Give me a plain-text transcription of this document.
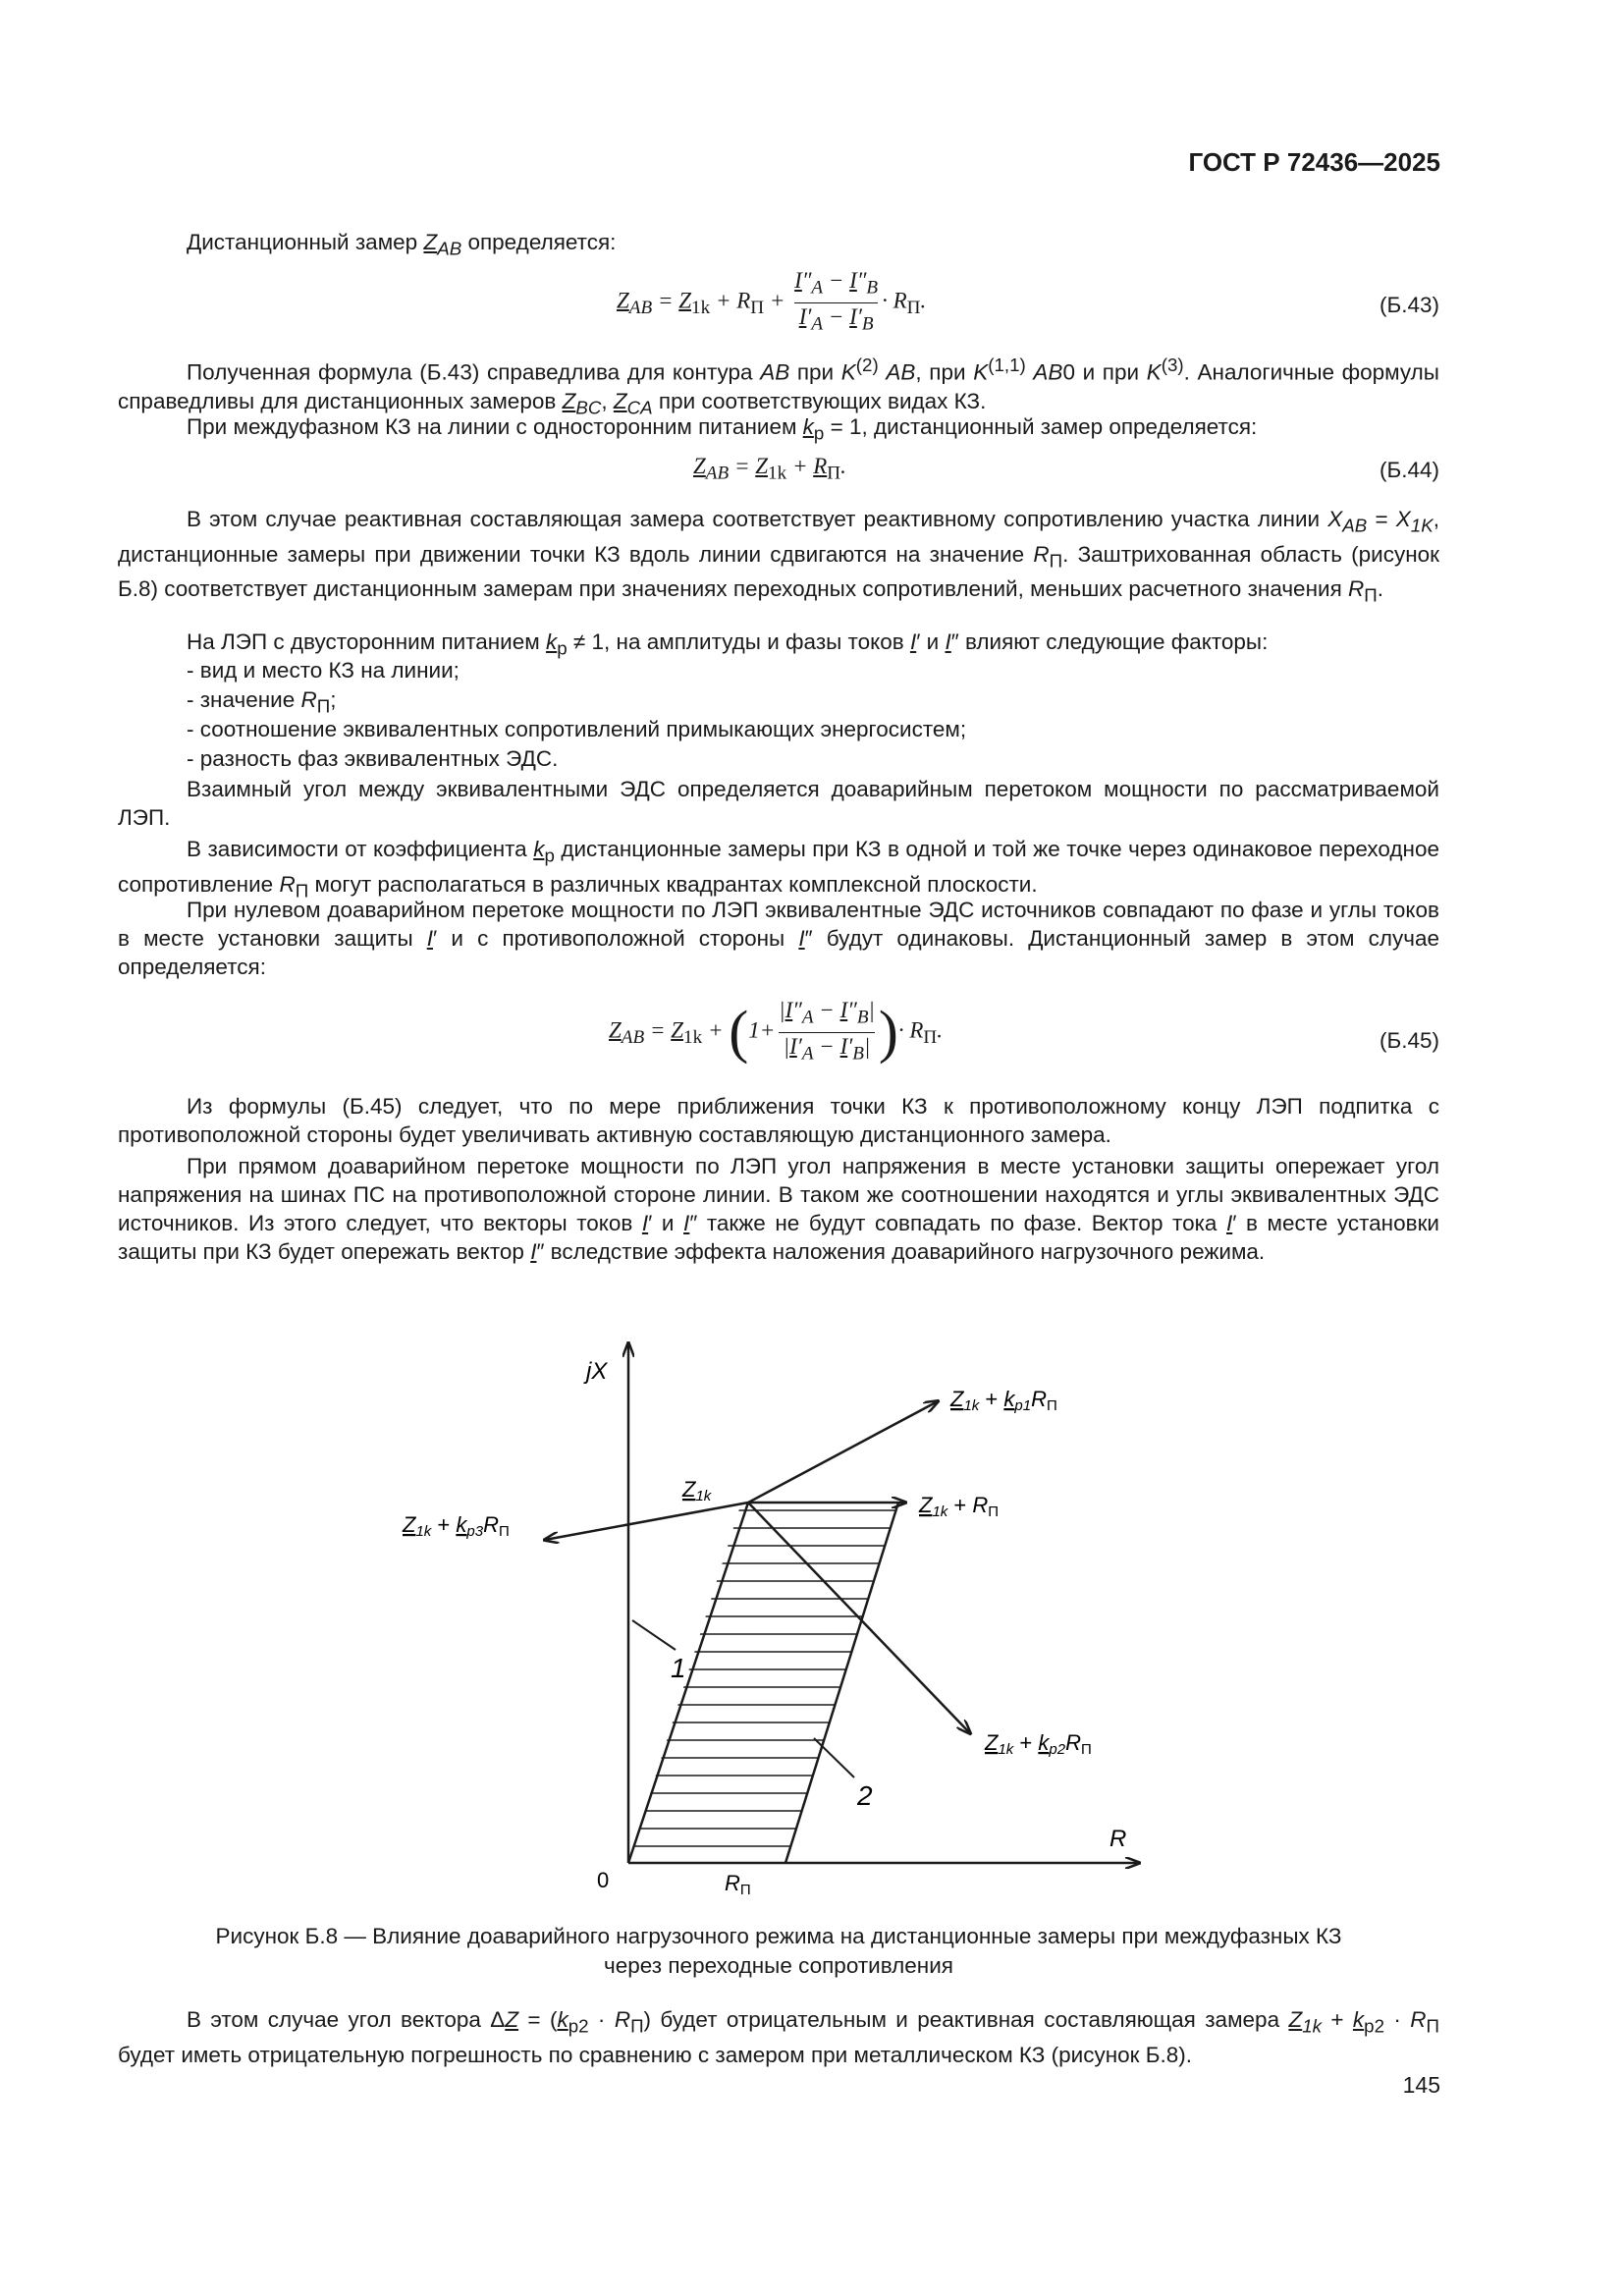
ГОСТ Р 72436—2025

Дистанционный замер $Z_{AB}$ определяется:

$Z_{AB} = Z_{1k} + R_П + \frac{I''_A - I''_B}{I'_A - I'_B} \cdot R_П$.	(Б.43)

Полученная формула (Б.43) справедлива для контура AB при $K^{(2)}$ AB, при K$^{(1,1)}$ AB0 и при $K^{(3)}$. Аналогичные формулы справедливы для дистанционных замеров $Z_{BC}$, $Z_{CA}$ при соответствующих видах КЗ.

При междуфазном КЗ на линии с односторонним питанием $k_р = 1$, дистанционный замер определяется:

$Z_{AB} = Z_{1k} + R_П$.	(Б.44)

В этом случае реактивная составляющая замера соответствует реактивному сопротивлению участка линии $X_{AB} = X_{1K}$, дистанционные замеры при движении точки КЗ вдоль линии сдвигаются на значение $R_П$. Заштрихованная область (рисунок Б.8) соответствует дистанционным замерам при значениях переходных сопротивлений, меньших расчетного значения $R_П$.

На ЛЭП с двусторонним питанием $k_р \ne 1$, на амплитуды и фазы токов I′ и I″ влияют следующие факторы:

- вид и место КЗ на линии;
- значение $R_П$;
- соотношение эквивалентных сопротивлений примыкающих энергосистем;
- разность фаз эквивалентных ЭДС.

Взаимный угол между эквивалентными ЭДС определяется доаварийным перетоком мощности по рассматриваемой ЛЭП.

В зависимости от коэффициента $k_р$ дистанционные замеры при КЗ в одной и той же точке через одинаковое переходное сопротивление $R_П$ могут располагаться в различных квадрантах комплексной плоскости.

При нулевом доаварийном перетоке мощности по ЛЭП эквивалентные ЭДС источников совпадают по фазе и углы токов в месте установки защиты I′ и с противоположной стороны I″ будут одинаковы. Дистанционный замер в этом случае определяется:

$Z_{AB} = Z_{1k} + (1+ \frac{|I''_A - I''_B|}{|I'_A - I'_B|}$ )· $R_П$.	(Б.45)

Из формулы (Б.45) следует, что по мере приближения точки КЗ к противоположному концу ЛЭП подпитка с противоположной стороны будет увеличивать активную составляющую дистанционного замера.

При прямом доаварийном перетоке мощности по ЛЭП угол напряжения в месте установки защиты опережает угол напряжения на шинах ПС на противоположной стороне линии. В таком же соотношении находятся и углы эквивалентных ЭДС источников. Из этого следует, что векторы токов I′ и I″ также не будут совпадать по фазе. Вектор тока I′ в месте установки защиты при КЗ будет опережать вектор I″ вследствие эффекта наложения доаварийного нагрузочного режима.

jX
R
0
Z1k
Z1k + kp1RП
Z1k + RП
Z1k + kp3RП
Z1k + kp2RП
RП
1
2
Рисунок Б.8 — Влияние доаварийного нагрузочного режима на дистанционные замеры при междуфазных КЗ
через переходные сопротивления

В этом случае угол вектора $\Delta Z = (k_{р2} \cdot R_П)$ будет отрицательным и реактивная составляющая замера $Z_{1k} + k_{р2} \cdot R_П$ будет иметь отрицательную погрешность по сравнению с замером при металлическом КЗ (рисунок Б.8).

145
